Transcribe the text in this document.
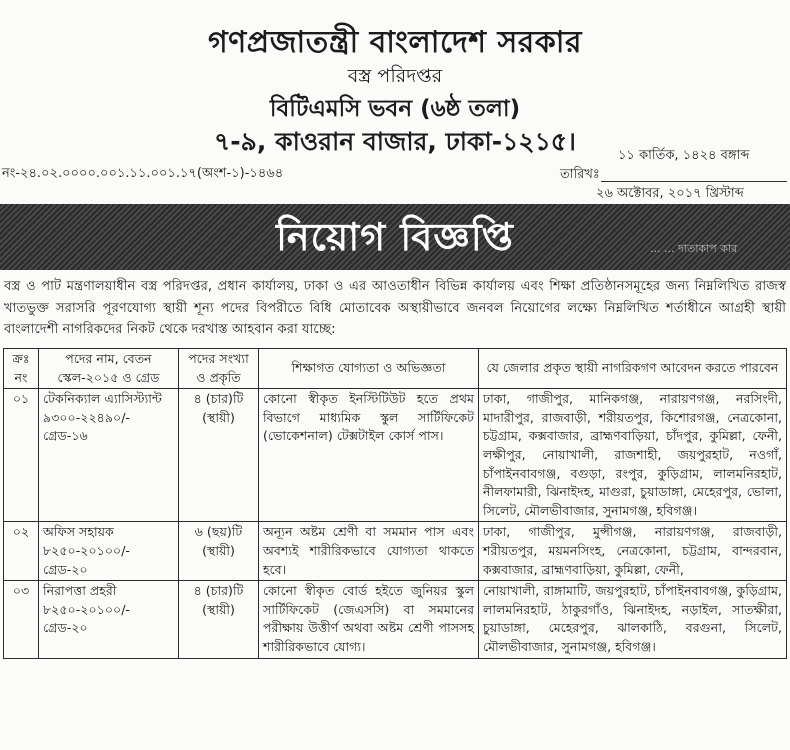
গণপ্রজাতন্ত্রী বাংলাদেশ সরকার
বস্ত্র পরিদপ্তর
বিটিএমসি ভবন (৬ষ্ঠ তলা)
৭-৯, কাওরান বাজার, ঢাকা-১২১৫।
নং-২৪.০২.০০০০.০০১.১১.০০১.১৭(অংশ-১)-১৪৬৪
১১ কার্তিক, ১৪২৪ বঙ্গাব্দ
তারিখঃ
২৬ অক্টোবর, ২০১৭ খ্রিস্টাব্দ
নিয়োগ বিজ্ঞপ্তি	... ... দাতাকাপ কার
বস্ত্র ও পাট মন্ত্রণালয়াধীন বস্ত্র পরিদপ্তর, প্রধান কার্যালয়, ঢাকা ও এর আওতাধীন বিভিন্ন কার্যালয় এবং শিক্ষা প্রতিষ্ঠানসমূহের জন্য নিম্নলিখিত রাজস্ব খাতভুক্ত সরাসরি পূরণযোগ্য স্থায়ী শূন্য পদের বিপরীতে বিধি মোতাবেক অস্থায়ীভাবে জনবল নিয়োগের লক্ষ্যে নিম্নলিখিত শর্তাধীনে আগ্রহী স্থায়ী বাংলাদেশী নাগরিকদের নিকট থেকে দরখাস্ত আহবান করা যাচ্ছে:
ক্রঃ নং	পদের নাম, বেতন স্কেল-২০১৫ ও গ্রেড	পদের সংখ্যা ও প্রকৃতি	শিক্ষাগত যোগ্যতা ও অভিজ্ঞতা	যে জেলার প্রকৃত স্থায়ী নাগরিকগণ আবেদন করতে পারবেন
০১	টেকনিক্যাল এ্যাসিস্ট্যান্ট ৯৩০০-২২৪৯০/- গ্রেড-১৬	৪ (চার)টি (স্থায়ী)	কোনো স্বীকৃত ইনস্টিটিউট হতে প্রথম বিভাগে মাধ্যমিক স্কুল সার্টিফিকেট (ভোকেশনাল) টেক্সটাইল কোর্স পাস।	ঢাকা, গাজীপুর, মানিকগঞ্জ, নারায়ণগঞ্জ, নরসিংদী, মাদারীপুর, রাজবাড়ী, শরীয়তপুর, কিশোরগঞ্জ, নেত্রকোনা, চট্টগ্রাম, কক্সবাজার, ব্রাহ্মণবাড়িয়া, চাঁদপুর, কুমিল্লা, ফেনী, লক্ষীপুর, নোয়াখালী, রাজশাহী, জয়পুরহাট, নওগাঁ, চাঁপাইনবাবগঞ্জ, বগুড়া, রংপুর, কুড়িগ্রাম, লালমনিরহাট, নীলফামারী, ঝিনাইদহ, মাগুরা, চুয়াডাঙ্গা, মেহেরপুর, ভোলা, সিলেট, মৌলভীবাজার, সুনামগঞ্জ, হবিগঞ্জ।
০২	অফিস সহায়ক ৮২৫০-২০১০০/- গ্রেড-২০	৬ (ছয়)টি (স্থায়ী)	অন্যূন অষ্টম শ্রেণী বা সমমান পাস এবং অবশ্যই শারীরিকভাবে যোগ্যতা থাকতে হবে।	ঢাকা, গাজীপুর, মুন্সীগঞ্জ, নারায়ণগঞ্জ, রাজবাড়ী, শরীয়তপুর, ময়মনসিংহ, নেত্রকোনা, চট্টগ্রাম, বান্দরবান, কক্সবাজার, ব্রাহ্মণবাড়িয়া, কুমিল্লা, ফেনী,
০৩	নিরাপত্তা প্রহরী ৮২৫০-২০১০০/- গ্রেড-২০	৪ (চার)টি (স্থায়ী)	কোনো স্বীকৃত বোর্ড হইতে জুনিয়র স্কুল সার্টিফিকেট (জেএসসি) বা সমমানের পরীক্ষায় উত্তীর্ণ অথবা অষ্টম শ্রেণী পাসসহ শারীরিকভাবে যোগ্য।	নোয়াখালী, রাঙ্গামাটি, জয়পুরহাট, চাঁপাইনবাবগঞ্জ, কুড়িগ্রাম, লালমনিরহাট, ঠাকুরগাঁও, ঝিনাইদহ, নড়াইল, সাতক্ষীরা, চুয়াডাঙ্গা, মেহেরপুর, ঝালকাঠি, বরগুনা, সিলেট, মৌলভীবাজার, সুনামগঞ্জ, হবিগঞ্জ।
